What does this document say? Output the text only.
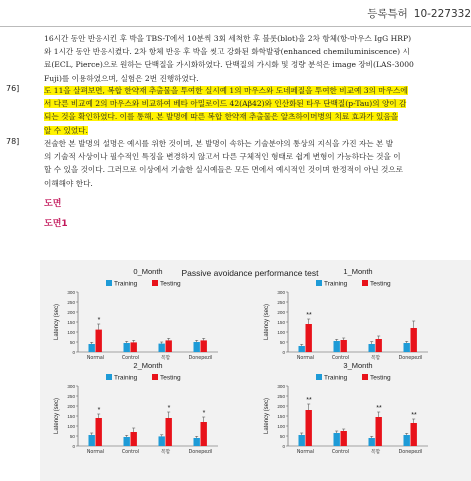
등록특허 10-227332
16시간 동안 반응시킨 후 박을 TBS-T에서 10분씩 3회 세척한 후 블롯(blot)을 2차 항체(항-마우스 IgG HRP)
와 1시간 동안 반응시켰다. 2차 항체 반응 후 박을 씻고 강화된 화학발광(enhanced chemiluminiscence) 시
료(ECL, Pierce)으로 원하는 단백질을 가시화하였다. 단백질의 가시화 및 정량 분석은 image 장비(LAS-3000
Fuji)를 이용하였으며, 실험은 2번 진행하였다.
76]	도 11을 살펴보면, 복합 한약재 추출물을 투여한 실시예 1의 마우스와 도네페질을 투여한 비교예 3의 마우스에
서 다른 비교예 2의 마우스와 비교하여 베타 아밀로이드 42(Aβ42)와 인산화된 타우 단백질(p-Tau)의 양이 감
되는 것을 확인하였다. 이를 통해, 본 발명에 따른 복합 한약재 추출물은 알츠하이머병의 치료 효과가 있음을
알 수 있었다.
78]	전술한 본 발명의 설명은 예시를 위한 것이며, 본 발명이 속하는 기술분야의 통상의 지식을 가진 자는 본 발
의 기술적 사상이나 필수적인 특징을 변경하지 않고서 다른 구체적인 형태로 쉽게 변형이 가능하다는 것을 이
할 수 있을 것이다. 그러므로 이상에서 기술한 실시예들은 모든 면에서 예시적인 것이며 한정적이 아닌 것으로
이해해야 한다.
도면
도면1
Passive avoidance performance test
0_Month
Training	Testing
0
50
100
150
200
250
300
Latency (sec)
Normal
*
Control	복합	Donepezil
1_Month
Training	Testing
0
50
100
150
200
250
300
Latency (sec)
Normal
**
Control	복합	Donepezil
2_Month
Training	Testing
0
50
100
150
200
250
300
Latency (sec)
Normal
*
Control	복합
*
Donepezil
*
3_Month
Training	Testing
0
50
100
150
200
250
300
Latency (sec)
Normal
**
Control	복합
**
Donepezil
**
